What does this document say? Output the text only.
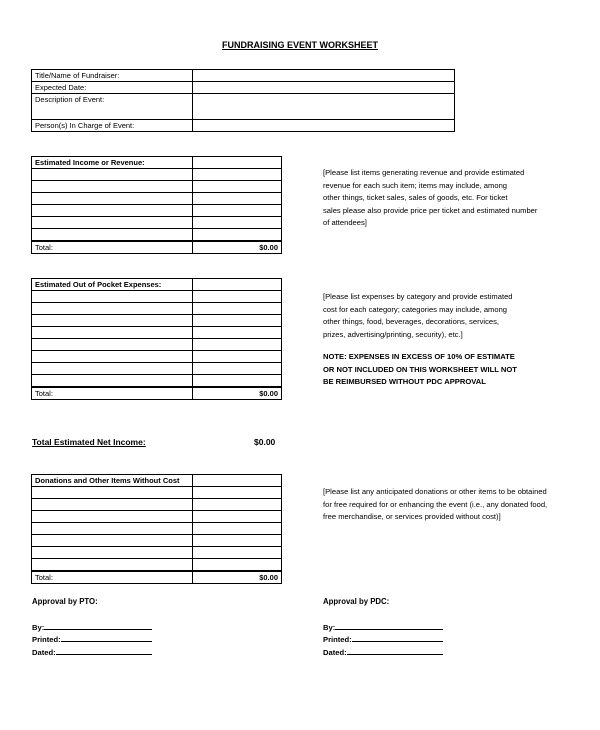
FUNDRAISING EVENT WORKSHEET
Title/Name of Fundraiser:	
Expected Date:	
Description of Event:	
Person(s) In Charge of Event:	
Estimated Income or Revenue:	

Total:	$0.00
[Please list items generating revenue and provide estimated
revenue for each such item; items may include, among
other things, ticket sales, sales of goods, etc. For ticket
sales please also provide price per ticket and estimated number
of attendees]
Estimated Out of Pocket Expenses:	

Total:	$0.00
[Please list expenses by category and provide estimated
cost for each category; categories may include, among
other things, food, beverages, decorations, services,
prizes, advertising/printing, security), etc.]
NOTE: EXPENSES IN EXCESS OF 10% OF ESTIMATE
OR NOT INCLUDED ON THIS WORKSHEET WILL NOT
BE REIMBURSED WITHOUT PDC APPROVAL
Total Estimated Net Income:	$0.00
Donations and Other Items Without Cost	

Total:	$0.00
[Please list any anticipated donations or other items to be obtained
for free required for or enhancing the event (i.e., any donated food,
free merchandise, or services provided without cost)]
Approval by PTO:
By:
Printed:
Dated:
Approval by PDC:
By:
Printed:
Dated:
